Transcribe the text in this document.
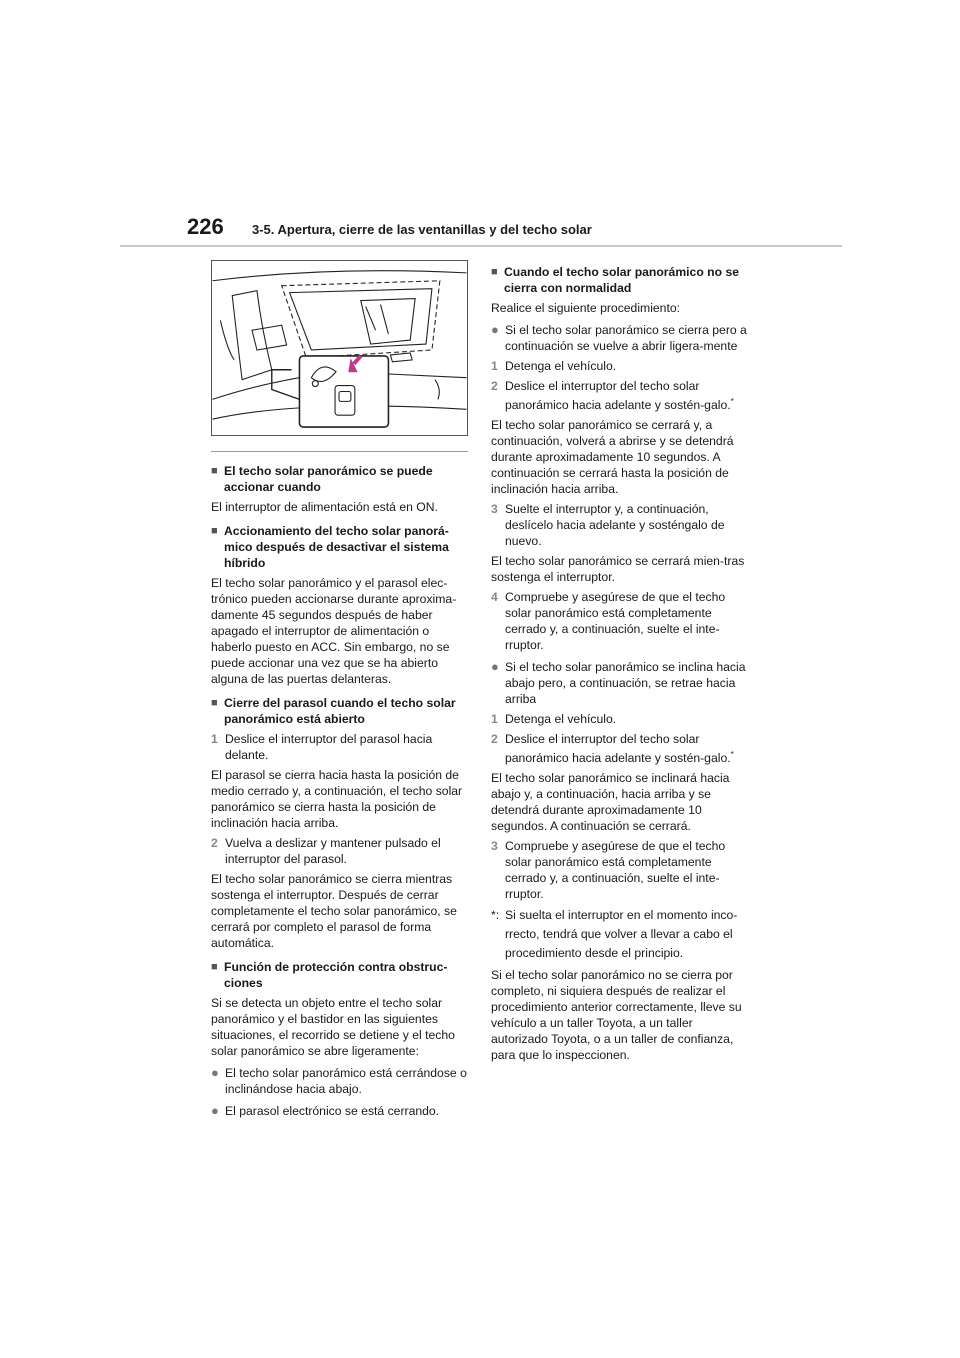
226	3-5. Apertura, cierre de las ventanillas y del techo solar
■ El techo solar panorámico se puede accionar cuando
El interruptor de alimentación está en ON.
■ Accionamiento del techo solar panorá-mico después de desactivar el sistema híbrido
El techo solar panorámico y el parasol elec-trónico pueden accionarse durante aproxima-damente 45 segundos después de haber apagado el interruptor de alimentación o haberlo puesto en ACC. Sin embargo, no se puede accionar una vez que se ha abierto alguna de las puertas delanteras.
■ Cierre del parasol cuando el techo solar panorámico está abierto
1 Deslice el interruptor del parasol hacia delante.
El parasol se cierra hacia hasta la posición de medio cerrado y, a continuación, el techo solar panorámico se cierra hasta la posición de inclinación hacia arriba.
2 Vuelva a deslizar y mantener pulsado el interruptor del parasol.
El techo solar panorámico se cierra mientras sostenga el interruptor. Después de cerrar completamente el techo solar panorámico, se cerrará por completo el parasol de forma automática.
■ Función de protección contra obstruc-ciones
Si se detecta un objeto entre el techo solar panorámico y el bastidor en las siguientes situaciones, el recorrido se detiene y el techo solar panorámico se abre ligeramente:
● El techo solar panorámico está cerrándose o inclinándose hacia abajo.
● El parasol electrónico se está cerrando.
■ Cuando el techo solar panorámico no se cierra con normalidad
Realice el siguiente procedimiento:
● Si el techo solar panorámico se cierra pero a continuación se vuelve a abrir ligera-mente
1 Detenga el vehículo.
2 Deslice el interruptor del techo solar panorámico hacia adelante y sostén-galo.*
El techo solar panorámico se cerrará y, a continuación, volverá a abrirse y se detendrá durante aproximadamente 10 segundos. A continuación se cerrará hasta la posición de inclinación hacia arriba.
3 Suelte el interruptor y, a continuación, deslícelo hacia adelante y sosténgalo de nuevo.
El techo solar panorámico se cerrará mien-tras sostenga el interruptor.
4 Compruebe y asegúrese de que el techo solar panorámico está completamente cerrado y, a continuación, suelte el inte-rruptor.
● Si el techo solar panorámico se inclina hacia abajo pero, a continuación, se retrae hacia arriba
1 Detenga el vehículo.
2 Deslice el interruptor del techo solar panorámico hacia adelante y sostén-galo.*
El techo solar panorámico se inclinará hacia abajo y, a continuación, hacia arriba y se detendrá durante aproximadamente 10 segundos. A continuación se cerrará.
3 Compruebe y asegúrese de que el techo solar panorámico está completamente cerrado y, a continuación, suelte el inte-rruptor.
*: Si suelta el interruptor en el momento inco-rrecto, tendrá que volver a llevar a cabo el procedimiento desde el principio.
Si el techo solar panorámico no se cierra por completo, ni siquiera después de realizar el procedimiento anterior correctamente, lleve su vehículo a un taller Toyota, a un taller autorizado Toyota, o a un taller de confianza, para que lo inspeccionen.
